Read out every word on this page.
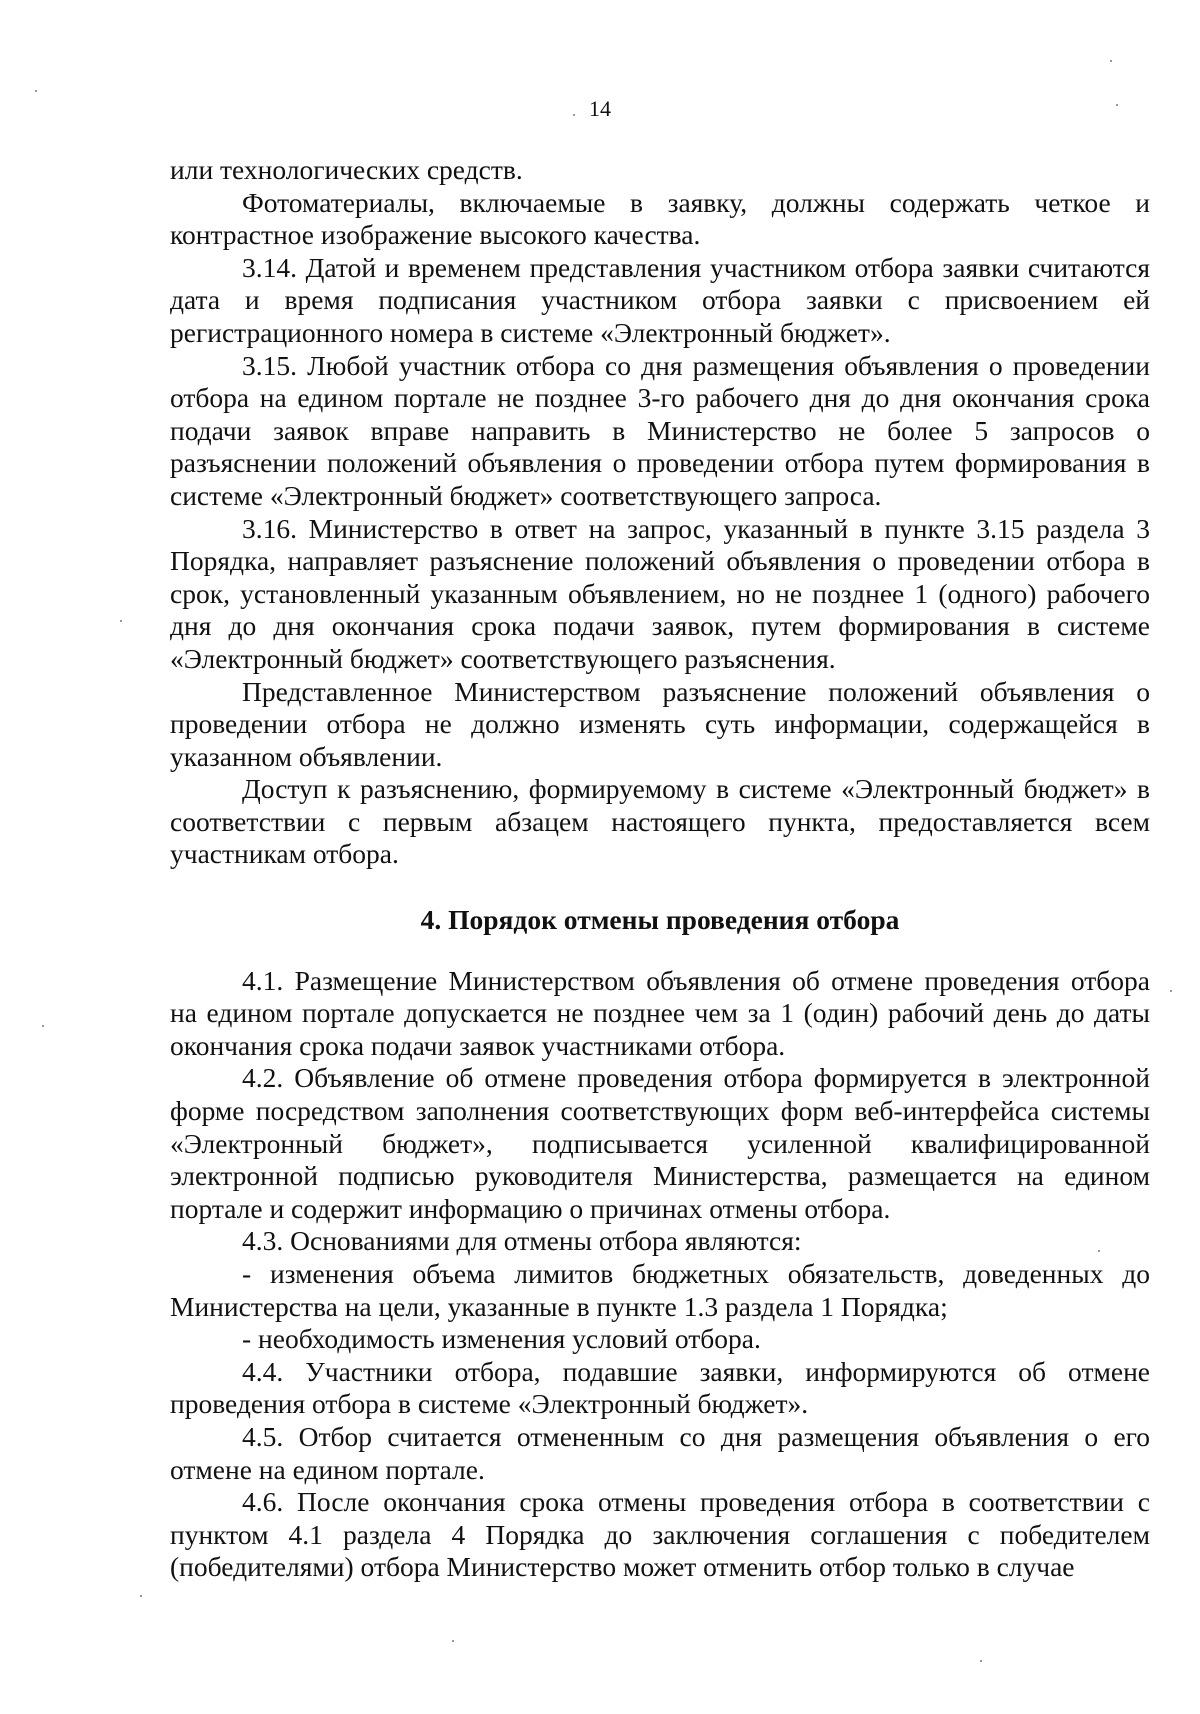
14

или технологических средств.

Фотоматериалы, включаемые в заявку, должны содержать четкое и контрастное изображение высокого качества.

3.14. Датой и временем представления участником отбора заявки считаются дата и время подписания участником отбора заявки с присвоением ей регистрационного номера в системе «Электронный бюджет».

3.15. Любой участник отбора со дня размещения объявления о проведении отбора на едином портале не позднее 3-го рабочего дня до дня окончания срока подачи заявок вправе направить в Министерство не более 5 запросов о разъяснении положений объявления о проведении отбора путем формирования в системе «Электронный бюджет» соответствующего запроса.

3.16. Министерство в ответ на запрос, указанный в пункте 3.15 раздела 3 Порядка, направляет разъяснение положений объявления о проведении отбора в срок, установленный указанным объявлением, но не позднее 1 (одного) рабочего дня до дня окончания срока подачи заявок, путем формирования в системе «Электронный бюджет» соответствующего разъяснения.

Представленное Министерством разъяснение положений объявления о проведении отбора не должно изменять суть информации, содержащейся в указанном объявлении.

Доступ к разъяснению, формируемому в системе «Электронный бюджет» в соответствии с первым абзацем настоящего пункта, предоставляется всем участникам отбора.

4. Порядок отмены проведения отбора

4.1. Размещение Министерством объявления об отмене проведения отбора на едином портале допускается не позднее чем за 1 (один) рабочий день до даты окончания срока подачи заявок участниками отбора.

4.2. Объявление об отмене проведения отбора формируется в электронной форме посредством заполнения соответствующих форм веб-интерфейса системы «Электронный бюджет», подписывается усиленной квалифицированной электронной подписью руководителя Министерства, размещается на едином портале и содержит информацию о причинах отмены отбора.

4.3. Основаниями для отмены отбора являются:

- изменения объема лимитов бюджетных обязательств, доведенных до Министерства на цели, указанные в пункте 1.3 раздела 1 Порядка;

- необходимость изменения условий отбора.

4.4. Участники отбора, подавшие заявки, информируются об отмене проведения отбора в системе «Электронный бюджет».

4.5. Отбор считается отмененным со дня размещения объявления о его отмене на едином портале.

4.6. После окончания срока отмены проведения отбора в соответствии с пунктом 4.1 раздела 4 Порядка до заключения соглашения с победителем (победителями) отбора Министерство может отменить отбор только в случае
